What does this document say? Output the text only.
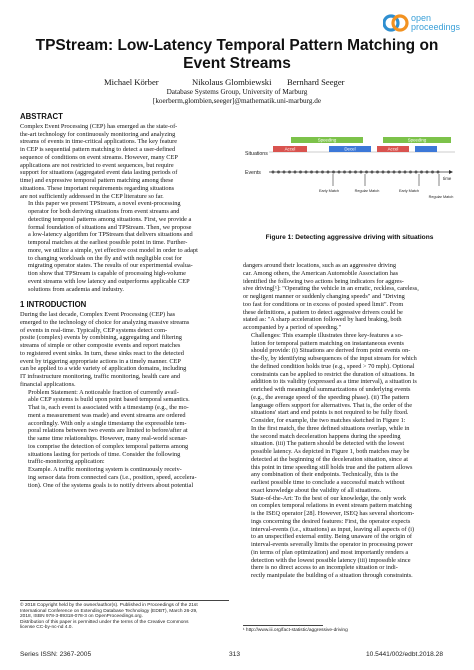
open
proceedings
TPStream: Low-Latency Temporal Pattern Matching on Event Streams
Michael Körber	Nikolaus Glombiewski Bernhard Seeger
Database Systems Group, University of Marburg
[koerberm,glombien,seeger]@mathematik.uni-marburg.de
ABSTRACT
Complex Event Processing (CEP) has emerged as the state-of-
the-art technology for continuously monitoring and analyzing
streams of events in time-critical applications. The key feature
in CEP is sequential pattern matching to detect a user-defined
sequence of conditions on event streams. However, many CEP
applications are not restricted to event sequences, but require
support for situations (aggregated event data lasting periods of
time) and expressive temporal pattern matching among these
situations. These important requirements regarding situations
are not sufficiently addressed in the CEP literature so far.
In this paper we present TPStream, a novel event-processing
operator for both deriving situations from event streams and
detecting temporal patterns among situations. First, we provide a
formal foundation of situations and TPStream. Then, we propose
a low-latency algorithm for TPStream that delivers situations and
temporal matches at the earliest possible point in time. Further-
more, we utilize a simple, yet effective cost model in order to adapt
to changing workloads on the fly and with negligible cost for
migrating operator states. The results of our experimental evalua-
tion show that TPStream is capable of processing high-volume
event streams with low latency and outperforms applicable CEP
solutions from academia and industry.
1 INTRODUCTION
During the last decade, Complex Event Processing (CEP) has
emerged to the technology of choice for analyzing massive streams
of events in real-time. Typically, CEP systems detect com-
posite (complex) events by combining, aggregating and filtering
streams of simple or other composite events and report matches
to registered event sinks. In turn, these sinks react to the detected
event by triggering appropriate actions in a timely manner. CEP
can be applied to a wide variety of application domains, including
IT infrastructure monitoring, traffic monitoring, health care and
financial applications.
Problem Statement: A noticeable fraction of currently avail-
able CEP systems is build upon point based temporal semantics.
That is, each event is associated with a timestamp (e.g., the mo-
ment a measurement was made) and event streams are ordered
accordingly. With only a single timestamp the expressible tem-
poral relations between two events are limited to before/after at
the same time relationships. However, many real-world scenar-
ios comprise the detection of complex temporal patterns among
situations lasting for periods of time. Consider the following
traffic-monitoring application:
Example. A traffic monitoring system is continuously receiv-
ing sensor data from connected cars (i.e., position, speed, accelera-
tion). One of the systems goals is to notify drivers about potential
© 2018 Copyright held by the owner/author(s). Published in Proceedings of the 21st
International Conference on Extending Database Technology (EDBT), March 26-29,
2018, ISBN 978-3-89318-078-3 on OpenProceedings.org.
Distribution of this paper is permitted under the terms of the Creative Commons
license CC-by-nc-nd 4.0.
Situations
Events
Speeding	Speeding
Accel	Decel	Accel
time
Early Match	Regular Match	Early Match
Regular Match
Figure 1: Detecting aggressive driving with situations
dangers around their locations, such as an aggressive driving
car. Among others, the American Automobile Association has
identified the following two actions being indicators for aggres-
sive driving[¹]: "Operating the vehicle in an erratic, reckless, careless,
or negligent manner or suddenly changing speeds" and "Driving
too fast for conditions or in excess of posted speed limit". From
these definitions, a pattern to detect aggressive drivers could be
stated as: "A sharp acceleration followed by hard braking, both
accompanied by a period of speeding."
Challenges: This example illustrates three key-features a so-
lution for temporal pattern matching on instantaneous events
should provide: (i) Situations are derived from point events on-
the-fly, by identifying subsequences of the input stream for which
the defined condition holds true (e.g., speed > 70 mph). Optional
constraints can be applied to restrict the duration of situations. In
addition to its validity (expressed as a time interval), a situation is
enriched with meaningful summarizations of underlying events
(e.g., the average speed of the speeding phase). (ii) The pattern
language offers support for alternatives. That is, the order of the
situations' start and end points is not required to be fully fixed.
Consider, for example, the two matches sketched in Figure 1:
In the first match, the three defined situations overlap, while in
the second match deceleration happens during the speeding
situation. (iii) The pattern should be detected with the lowest
possible latency. As depicted in Figure 1, both matches may be
detected at the beginning of the deceleration situation, since at
this point in time speeding still holds true and the pattern allows
any combination of their endpoints. Technically, this is the
earliest possible time to conclude a successful match without
exact knowledge about the validity of all situations.
State-of-the-Art: To the best of our knowledge, the only work
on complex temporal relations in event stream pattern matching
is the ISEQ operator [28]. However, ISEQ has several shortcom-
ings concerning the desired features: First, the operator expects
interval-events (i.e., situations) as input, leaving all aspects of (i)
to an unspecified external entity. Being unaware of the origin of
interval-events severally limits the operator in processing power
(in terms of plan optimization) and most importantly renders a
detection with the lowest possible latency (iii) impossible since
there is no direct access to an incomplete situation or indi-
rectly manipulate the building of a situation through constraints.
¹ http://www.iii.org/fact-statistic/aggressive-driving
Series ISSN: 2367-2005	313	10.5441/002/edbt.2018.28
